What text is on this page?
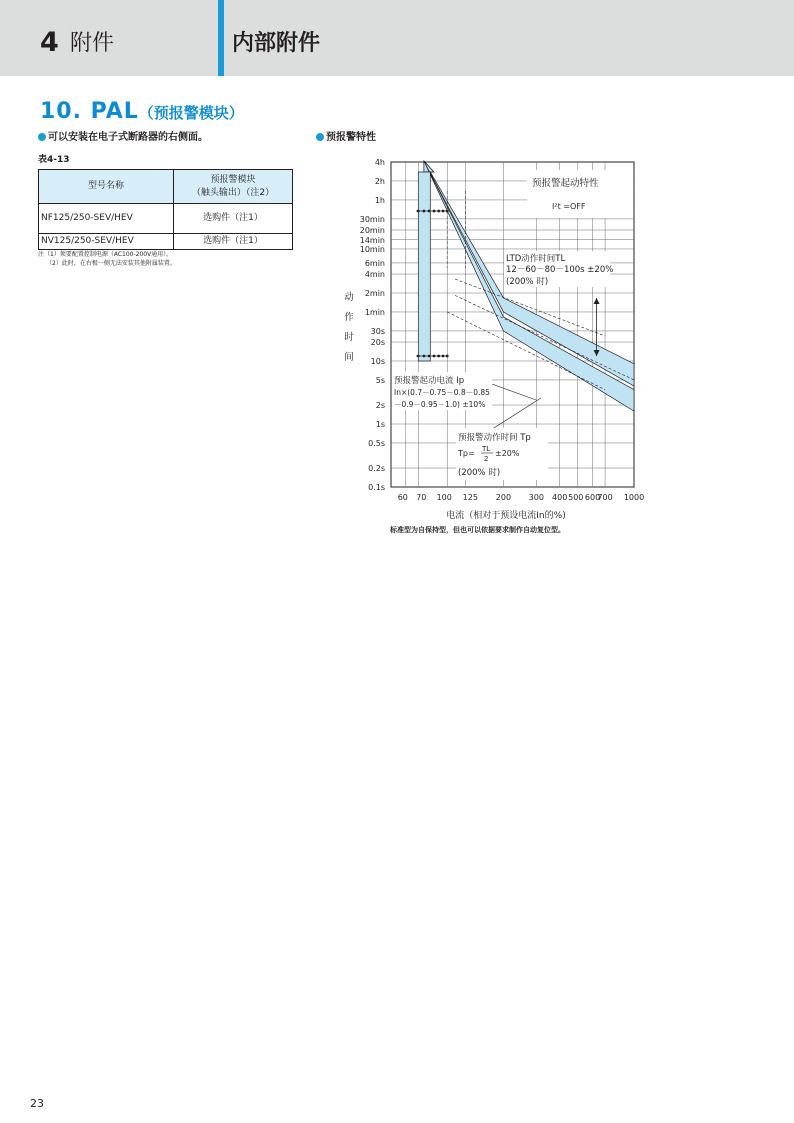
4 附件	内部附件
10. PAL（预报警模块）
可以安装在电子式断路器的右侧面。	预报警特性
表4-13
型号名称	预报警模块
（触头输出）（注2）

NF125/250-SEV/HEV	选购件（注1）
NV125/250-SEV/HEV	选购件（注1）
注（1）须要配置控制电源（AC100-200V通用）。
（2）此时，在右极一侧无法安装其他附属装置。
4h
2h
1h
30min
20min
14min
10min
6min
4min
2min
1min
30s
20s
10s
5s
2s
1s
0.5s
0.2s
0.1s
60 70 100 125 200 300 400 500 600
700 1000
预报警起动特性
I²t =OFF
LTD动作时间TL
12－60－80－100s ±20%
(200% 时)
预报警起动电流 Ip
In×(0.7－0.75－0.8－0.85
－0.9－0.95－1.0) ±10%
预报警动作时间 Tp
Tp= TL
2
±20%
(200% 时)
动
作
时
间
电流（相对于预设电流In的%)
标准型为自保持型，但也可以依据要求制作自动复位型。
23
